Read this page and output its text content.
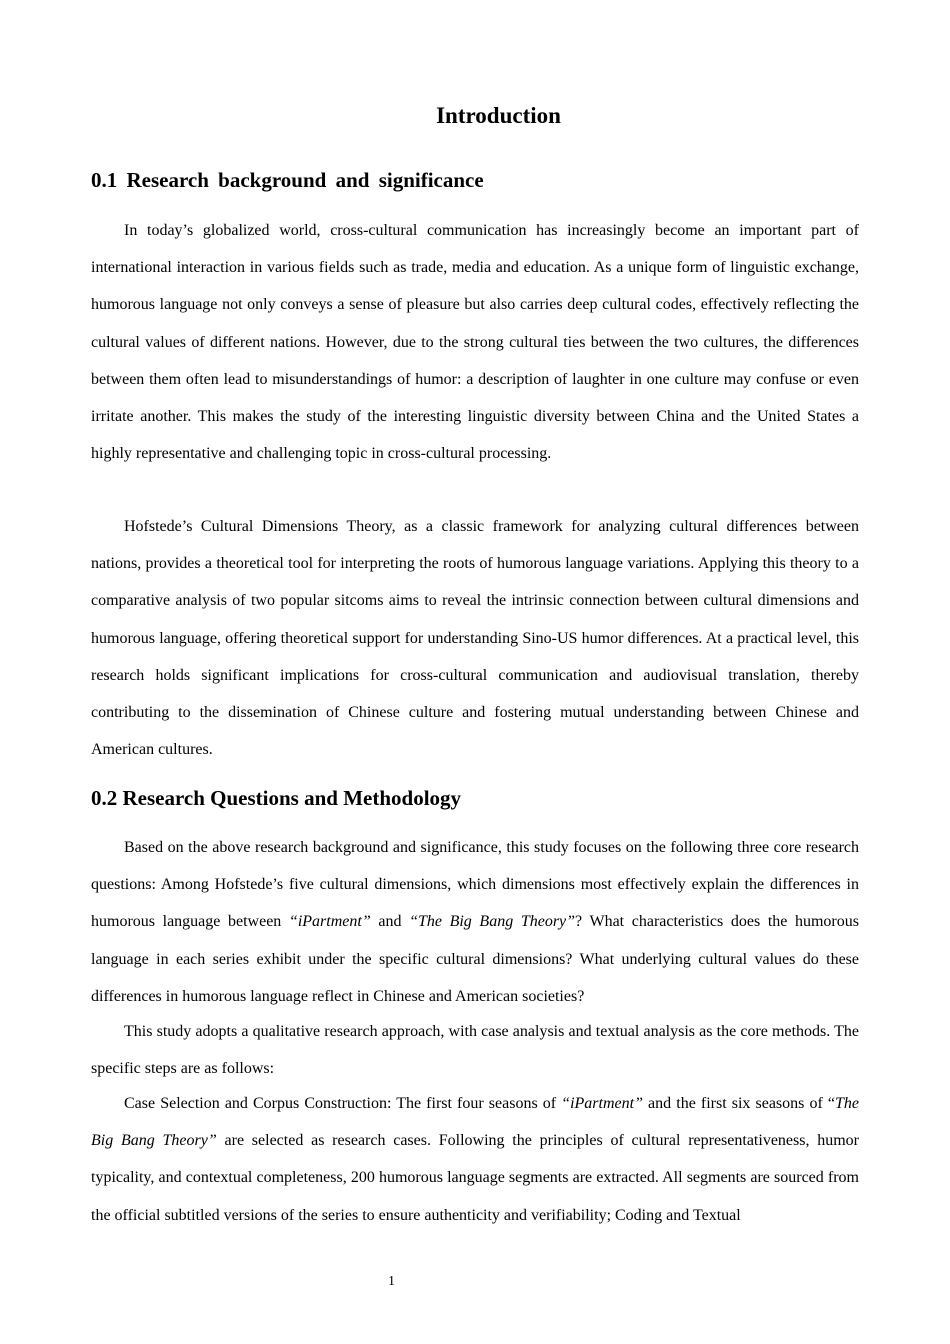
Introduction
0.1 Research background and significance

In today’s globalized world, cross-cultural communication has increasingly become an important part of international interaction in various fields such as trade, media and education. As a unique form of linguistic exchange, humorous language not only conveys a sense of pleasure but also carries deep cultural codes, effectively reflecting the cultural values of different nations. However, due to the strong cultural ties between the two cultures, the differences between them often lead to misunderstandings of humor: a description of laughter in one culture may confuse or even irritate another. This makes the study of the interesting linguistic diversity between China and the United States a highly representative and challenging topic in cross-cultural processing.

Hofstede’s Cultural Dimensions Theory, as a classic framework for analyzing cultural differences between nations, provides a theoretical tool for interpreting the roots of humorous language variations. Applying this theory to a comparative analysis of two popular sitcoms aims to reveal the intrinsic connection between cultural dimensions and humorous language, offering theoretical support for understanding Sino-US humor differences. At a practical level, this research holds significant implications for cross-cultural communication and audiovisual translation, thereby contributing to the dissemination of Chinese culture and fostering mutual understanding between Chinese and American cultures.

0.2 Research Questions and Methodology

Based on the above research background and significance, this study focuses on the following three core research questions: Among Hofstede’s five cultural dimensions, which dimensions most effectively explain the differences in humorous language between “iPartment” and “The Big Bang Theory”? What characteristics does the humorous language in each series exhibit under the specific cultural dimensions? What underlying cultural values do these differences in humorous language reflect in Chinese and American societies?

This study adopts a qualitative research approach, with case analysis and textual analysis as the core methods. The specific steps are as follows:

Case Selection and Corpus Construction: The first four seasons of “iPartment” and the first six seasons of “The Big Bang Theory” are selected as research cases. Following the principles of cultural representativeness, humor typicality, and contextual completeness, 200 humorous language segments are extracted. All segments are sourced from the official subtitled versions of the series to ensure authenticity and verifiability; Coding and Textual

1
